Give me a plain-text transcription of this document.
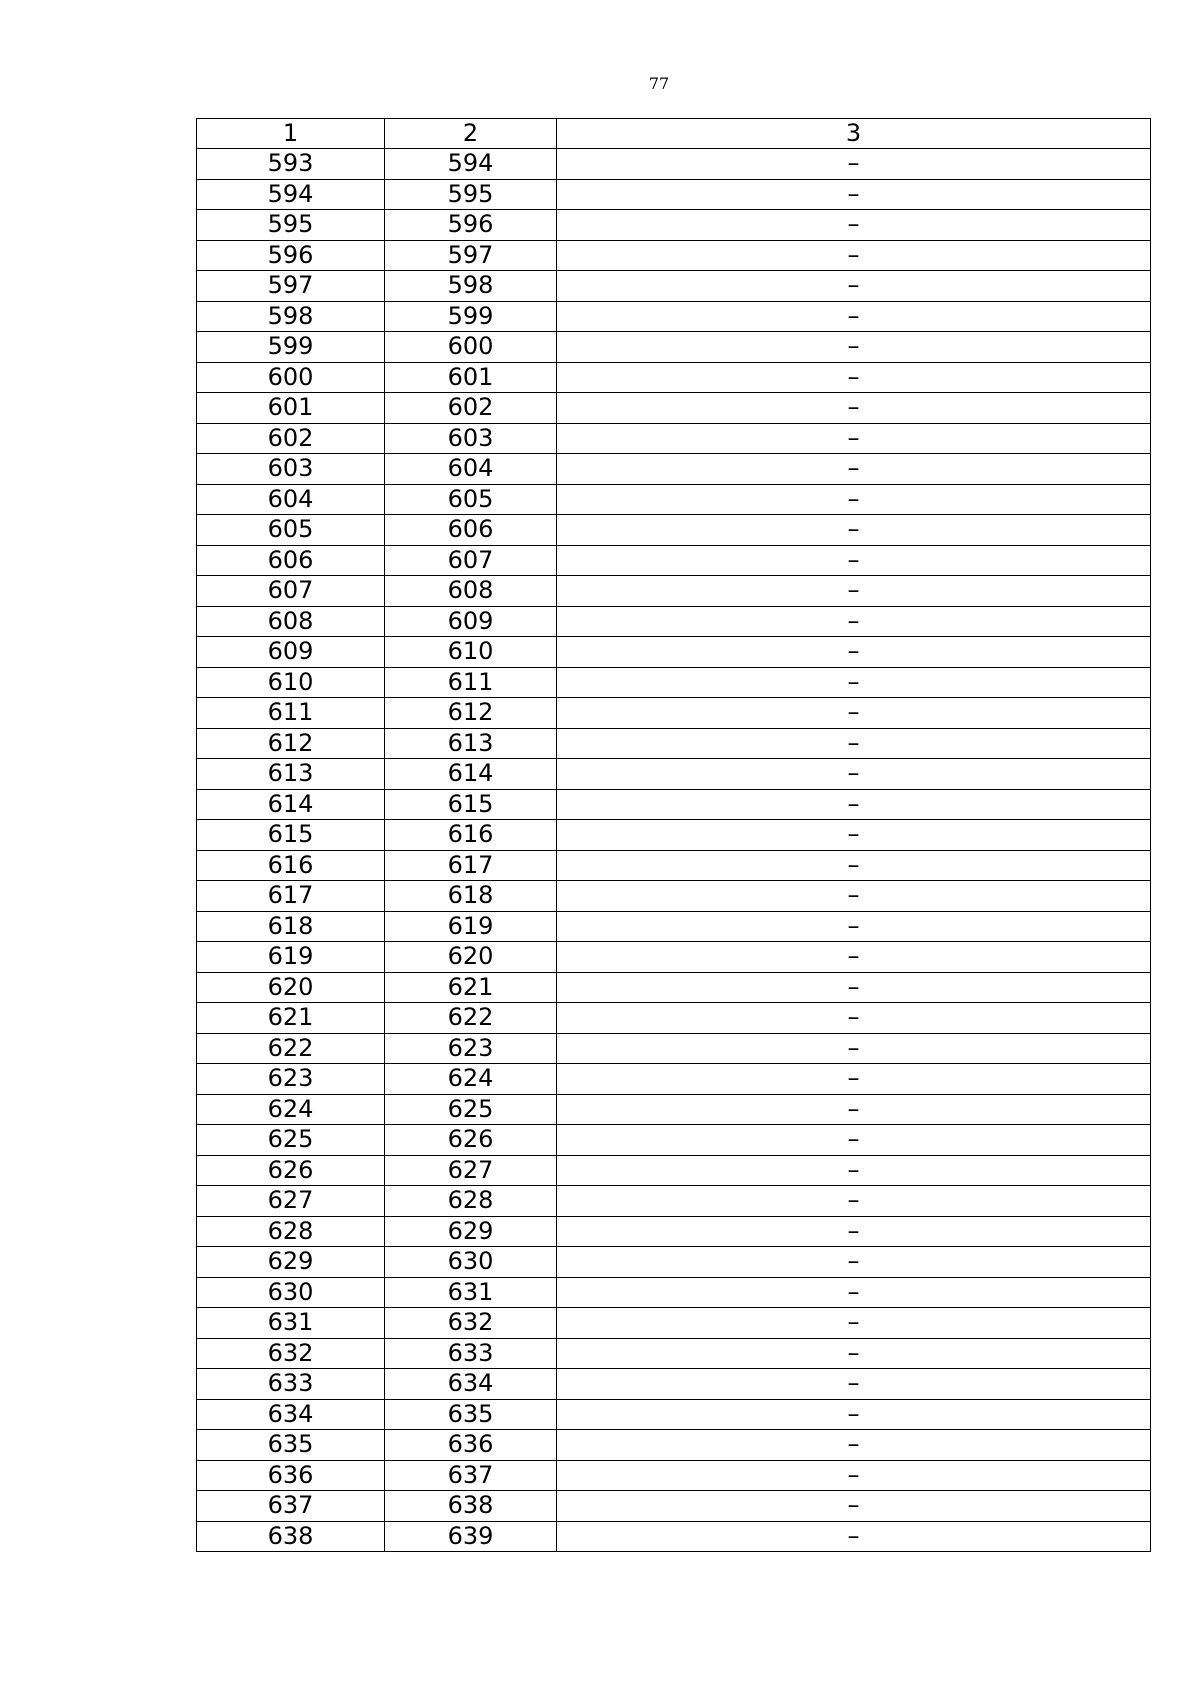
77
1	2	3
593	594	–
594	595	–
595	596	–
596	597	–
597	598	–
598	599	–
599	600	–
600	601	–
601	602	–
602	603	–
603	604	–
604	605	–
605	606	–
606	607	–
607	608	–
608	609	–
609	610	–
610	611	–
611	612	–
612	613	–
613	614	–
614	615	–
615	616	–
616	617	–
617	618	–
618	619	–
619	620	–
620	621	–
621	622	–
622	623	–
623	624	–
624	625	–
625	626	–
626	627	–
627	628	–
628	629	–
629	630	–
630	631	–
631	632	–
632	633	–
633	634	–
634	635	–
635	636	–
636	637	–
637	638	–
638	639	–
